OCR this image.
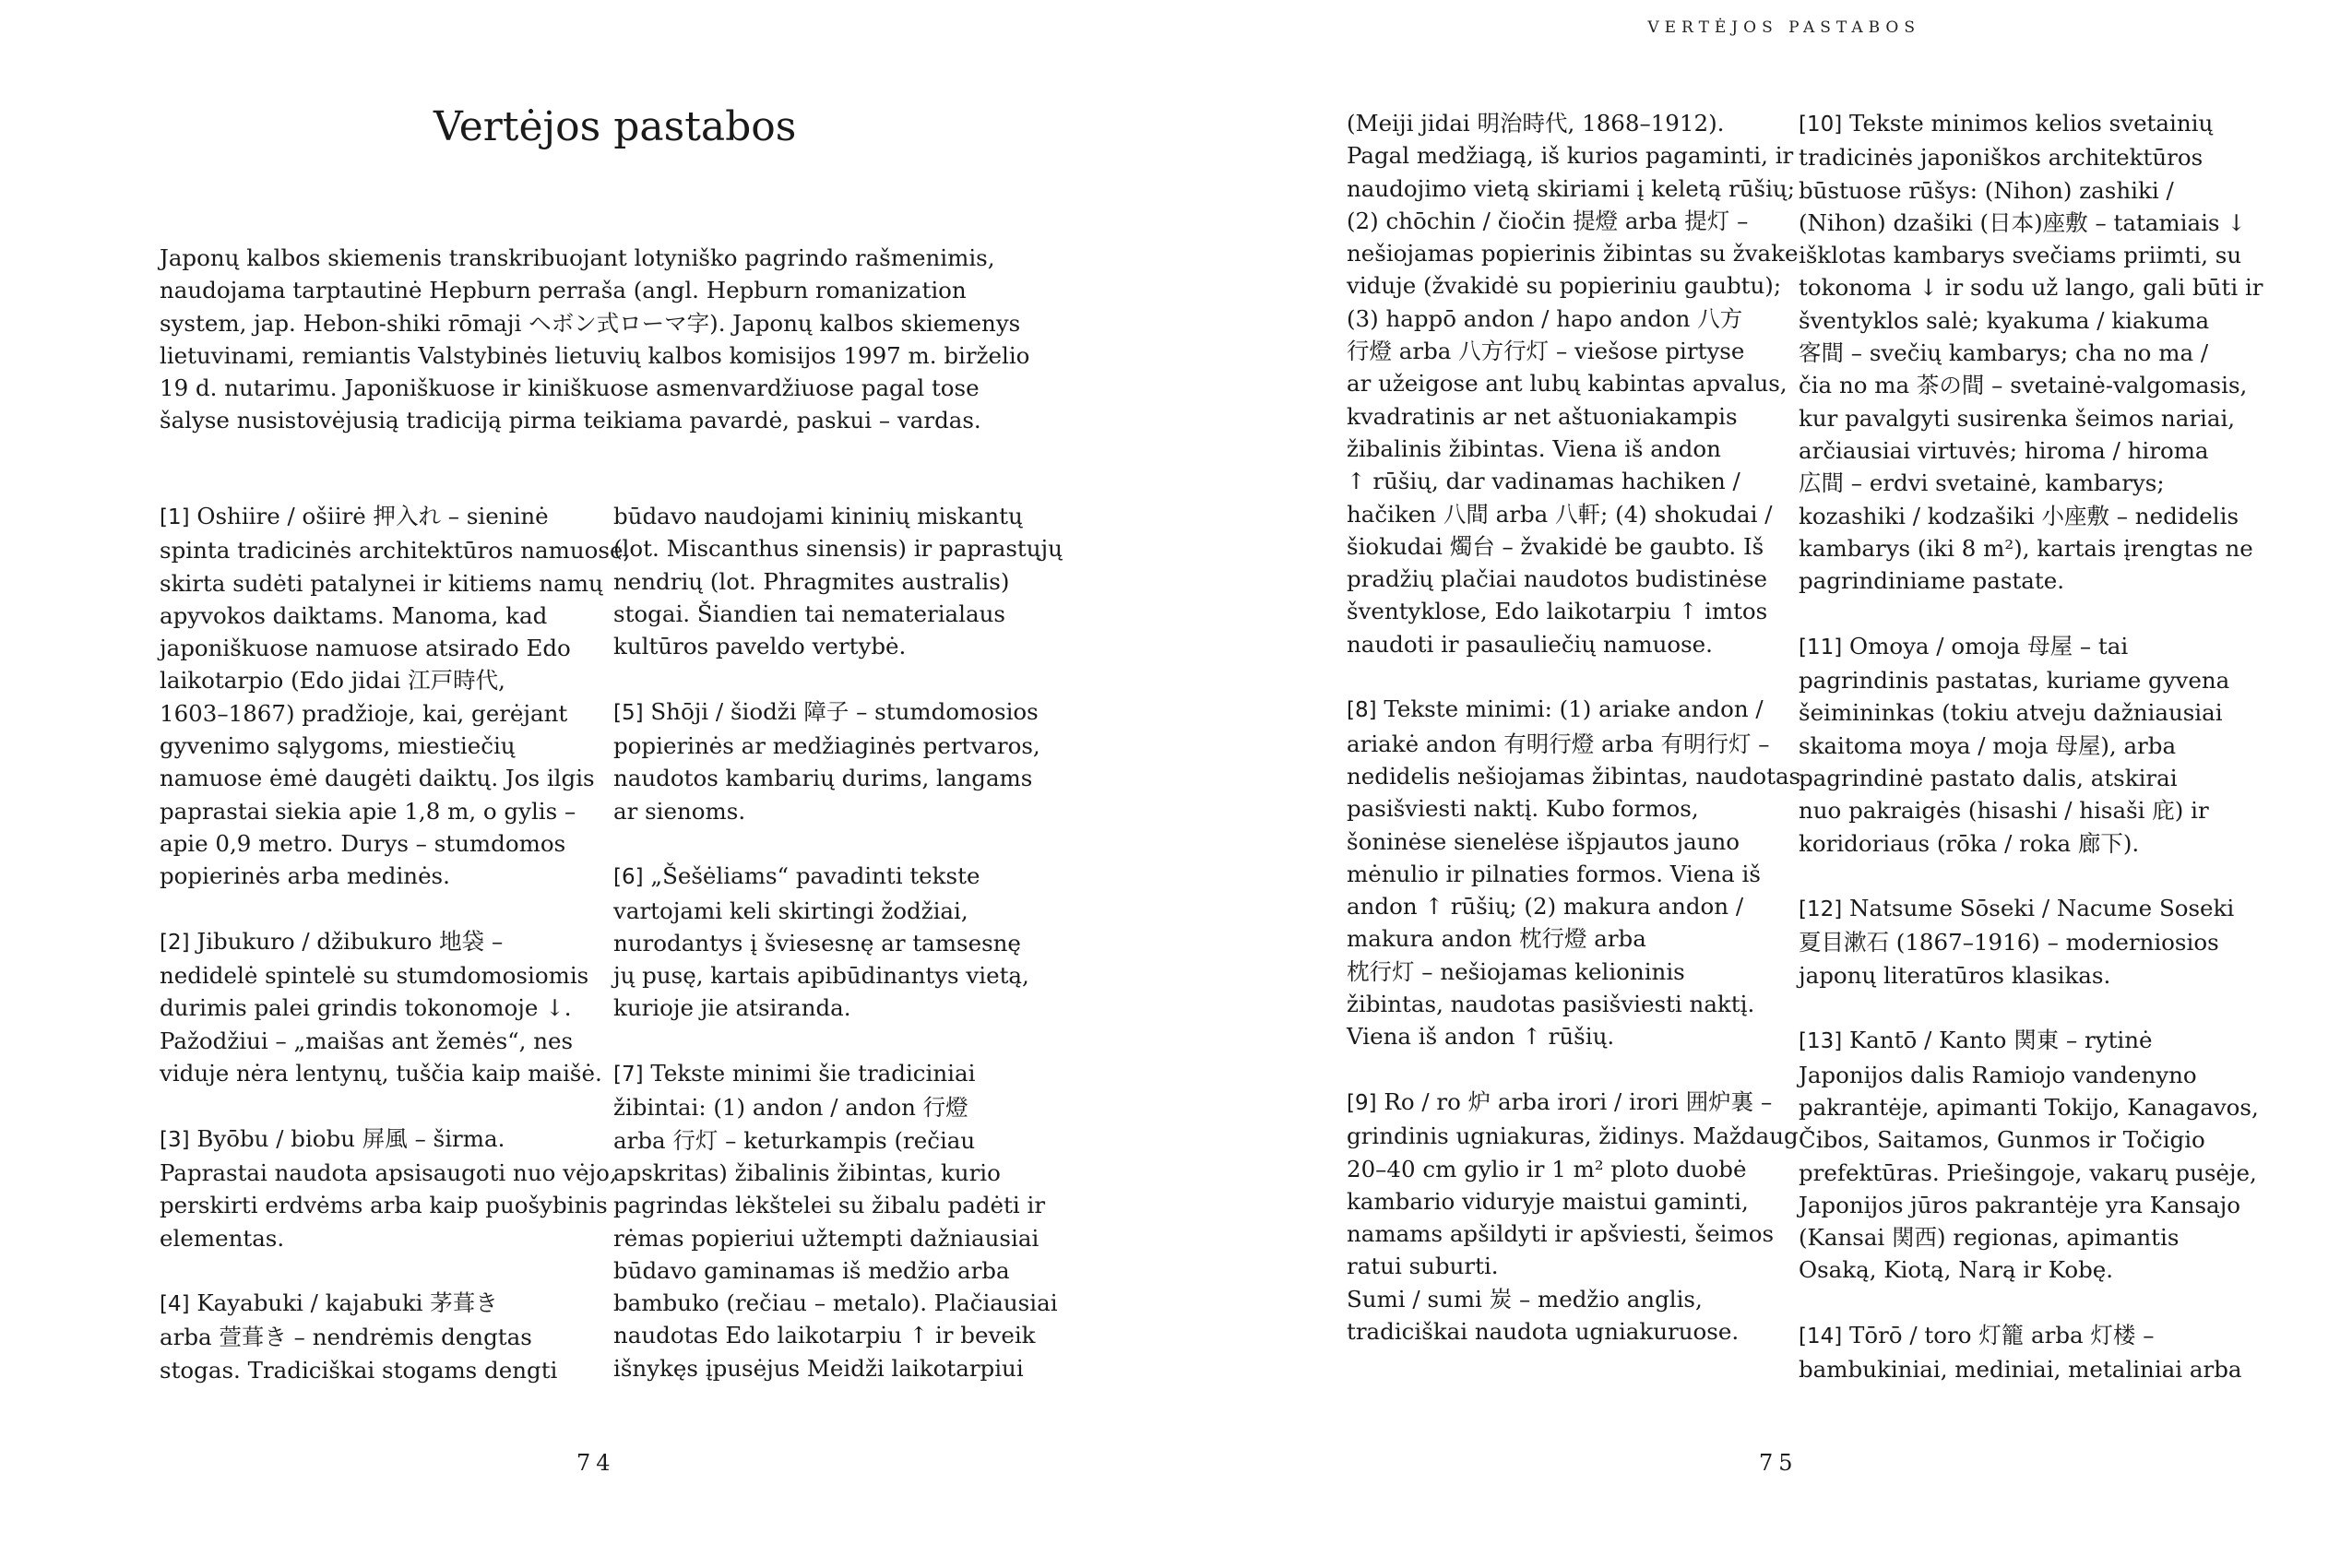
Vertėjos pastabos

Japonų kalbos skiemenis transkribuojant lotyniško pagrindo rašmenimis, naudojama tarptautinė Hepburn perraša (angl. Hepburn romanization system, jap. Hebon-shiki rōmaji ヘボン式ローマ字). Japonų kalbos skiemenys lietuvinami, remiantis Valstybinės lietuvių kalbos komisijos 1997 m. birželio 19 d. nutarimu. Japoniškuose ir kiniškuose asmenvardžiuose pagal tose šalyse nusistovėjusią tradiciją pirma teikiama pavardė, paskui – vardas.

[1] Oshiire / ošiirė 押入れ – sieninė
spinta tradicinės architektūros namuose,
skirta sudėti patalynei ir kitiems namų
apyvokos daiktams. Manoma, kad
japoniškuose namuose atsirado Edo
laikotarpio (Edo jidai 江戸時代,
1603–1867) pradžioje, kai, gerėjant
gyvenimo sąlygoms, miestiečių
namuose ėmė daugėti daiktų. Jos ilgis
paprastai siekia apie 1,8 m, o gylis –
apie 0,9 metro. Durys – stumdomos
popierinės arba medinės.
[2] Jibukuro / džibukuro 地袋 –
nedidelė spintelė su stumdomosiomis
durimis palei grindis tokonomoje ↓.
Pažodžiui – „maišas ant žemės“, nes
viduje nėra lentynų, tuščia kaip maišė.
[3] Byōbu / biobu 屏風 – širma.
Paprastai naudota apsisaugoti nuo vėjo,
perskirti erdvėms arba kaip puošybinis
elementas.
[4] Kayabuki / kajabuki 茅葺き
arba 萱葺き – nendrėmis dengtas
stogas. Tradiciškai stogams dengti
būdavo naudojami kininių miskantų
(lot. Miscanthus sinensis) ir paprastųjų
nendrių (lot. Phragmites australis)
stogai. Šiandien tai nematerialaus
kultūros paveldo vertybė.
[5] Shōji / šiodži 障子 – stumdomosios
popierinės ar medžiaginės pertvaros,
naudotos kambarių durims, langams
ar sienoms.
[6] „Šešėliams“ pavadinti tekste
vartojami keli skirtingi žodžiai,
nurodantys į šviesesnę ar tamsesnę
jų pusę, kartais apibūdinantys vietą,
kurioje jie atsiranda.
[7] Tekste minimi šie tradiciniai
žibintai: (1) andon / andon 行燈
arba 行灯 – keturkampis (rečiau
apskritas) žibalinis žibintas, kurio
pagrindas lėkštelei su žibalu padėti ir
rėmas popieriui užtempti dažniausiai
būdavo gaminamas iš medžio arba
bambuko (rečiau – metalo). Plačiausiai
naudotas Edo laikotarpiu ↑ ir beveik
išnykęs įpusėjus Meidži laikotarpiui
74
VERTĖJOS PASTABOS
(Meiji jidai 明治時代, 1868–1912).
Pagal medžiagą, iš kurios pagaminti, ir
naudojimo vietą skiriami į keletą rūšių;
(2) chōchin / čiočin 提燈 arba 提灯 –
nešiojamas popierinis žibintas su žvake
viduje (žvakidė su popieriniu gaubtu);
(3) happō andon / hapo andon 八方
行燈 arba 八方行灯 – viešose pirtyse
ar užeigose ant lubų kabintas apvalus,
kvadratinis ar net aštuoniakampis
žibalinis žibintas. Viena iš andon
↑ rūšių, dar vadinamas hachiken /
hačiken 八間 arba 八軒; (4) shokudai /
šiokudai 燭台 – žvakidė be gaubto. Iš
pradžių plačiai naudotos budistinėse
šventyklose, Edo laikotarpiu ↑ imtos
naudoti ir pasauliečių namuose.
[8] Tekste minimi: (1) ariake andon /
ariakė andon 有明行燈 arba 有明行灯 –
nedidelis nešiojamas žibintas, naudotas
pasišviesti naktį. Kubo formos,
šoninėse sienelėse išpjautos jauno
mėnulio ir pilnaties formos. Viena iš
andon ↑ rūšių; (2) makura andon /
makura andon 枕行燈 arba
枕行灯 – nešiojamas kelioninis
žibintas, naudotas pasišviesti naktį.
Viena iš andon ↑ rūšių.
[9] Ro / ro 炉 arba irori / irori 囲炉裏 –
grindinis ugniakuras, židinys. Maždaug
20–40 cm gylio ir 1 m² ploto duobė
kambario viduryje maistui gaminti,
namams apšildyti ir apšviesti, šeimos
ratui suburti.
Sumi / sumi 炭 – medžio anglis,
tradiciškai naudota ugniakuruose.
[10] Tekste minimos kelios svetainių
tradicinės japoniškos architektūros
būstuose rūšys: (Nihon) zashiki /
(Nihon) dzašiki (日本)座敷 – tatamiais ↓
išklotas kambarys svečiams priimti, su
tokonoma ↓ ir sodu už lango, gali būti ir
šventyklos salė; kyakuma / kiakuma
客間 – svečių kambarys; cha no ma /
čia no ma 茶の間 – svetainė-valgomasis,
kur pavalgyti susirenka šeimos nariai,
arčiausiai virtuvės; hiroma / hiroma
広間 – erdvi svetainė, kambarys;
kozashiki / kodzašiki 小座敷 – nedidelis
kambarys (iki 8 m²), kartais įrengtas ne
pagrindiniame pastate.
[11] Omoya / omoja 母屋 – tai
pagrindinis pastatas, kuriame gyvena
šeimininkas (tokiu atveju dažniausiai
skaitoma moya / moja 母屋), arba
pagrindinė pastato dalis, atskirai
nuo pakraigės (hisashi / hisaši 庇) ir
koridoriaus (rōka / roka 廊下).
[12] Natsume Sōseki / Nacume Soseki
夏目漱石 (1867–1916) – moderniosios
japonų literatūros klasikas.
[13] Kantō / Kanto 関東 – rytinė
Japonijos dalis Ramiojo vandenyno
pakrantėje, apimanti Tokijo, Kanagavos,
Čibos, Saitamos, Gunmos ir Točigio
prefektūras. Priešingoje, vakarų pusėje,
Japonijos jūros pakrantėje yra Kansajo
(Kansai 関西) regionas, apimantis
Osaką, Kiotą, Narą ir Kobę.
[14] Tōrō / toro 灯籠 arba 灯楼 –
bambukiniai, mediniai, metaliniai arba
75
